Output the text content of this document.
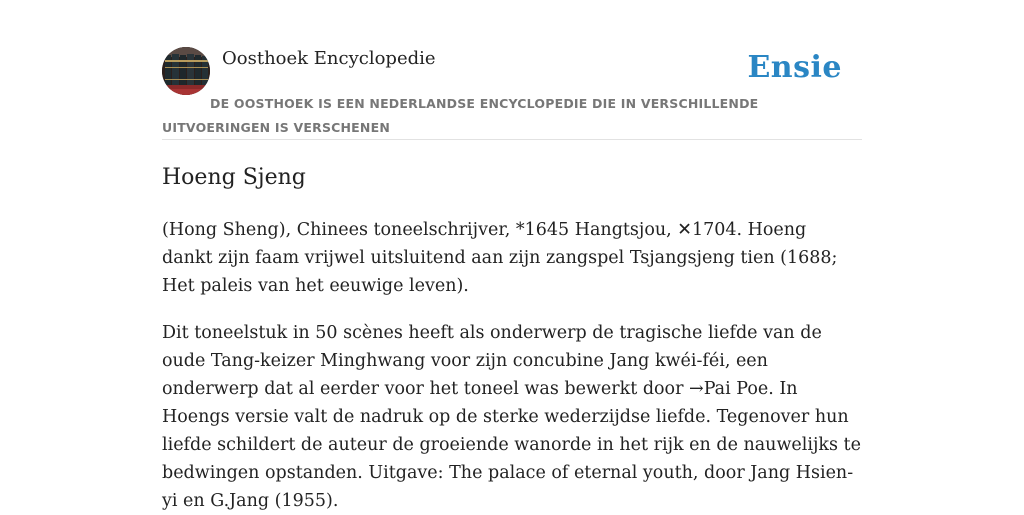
Oosthoek Encyclopedie	Ensie
DE OOSTHOEK IS EEN NEDERLANDSE ENCYCLOPEDIE DIE IN VERSCHILLENDE UITVOERINGEN IS VERSCHENEN
Hoeng Sjeng

(Hong Sheng), Chinees toneelschrijver, *1645 Hangtsjou, ✕1704. Hoeng dankt zijn faam vrijwel uitsluitend aan zijn zangspel Tsjangsjeng tien (1688; Het paleis van het eeuwige leven).

Dit toneelstuk in 50 scènes heeft als onderwerp de tragische liefde van de oude Tang-keizer Minghwang voor zijn concubine Jang kwéi-féi, een onderwerp dat al eerder voor het toneel was bewerkt door →Pai Poe. In Hoengs versie valt de nadruk op de sterke wederzijdse liefde. Tegenover hun liefde schildert de auteur de groeiende wanorde in het rijk en de nauwelijks te bedwingen opstanden. Uitgave: The palace of eternal youth, door Jang Hsien-yi en G.Jang (1955).
